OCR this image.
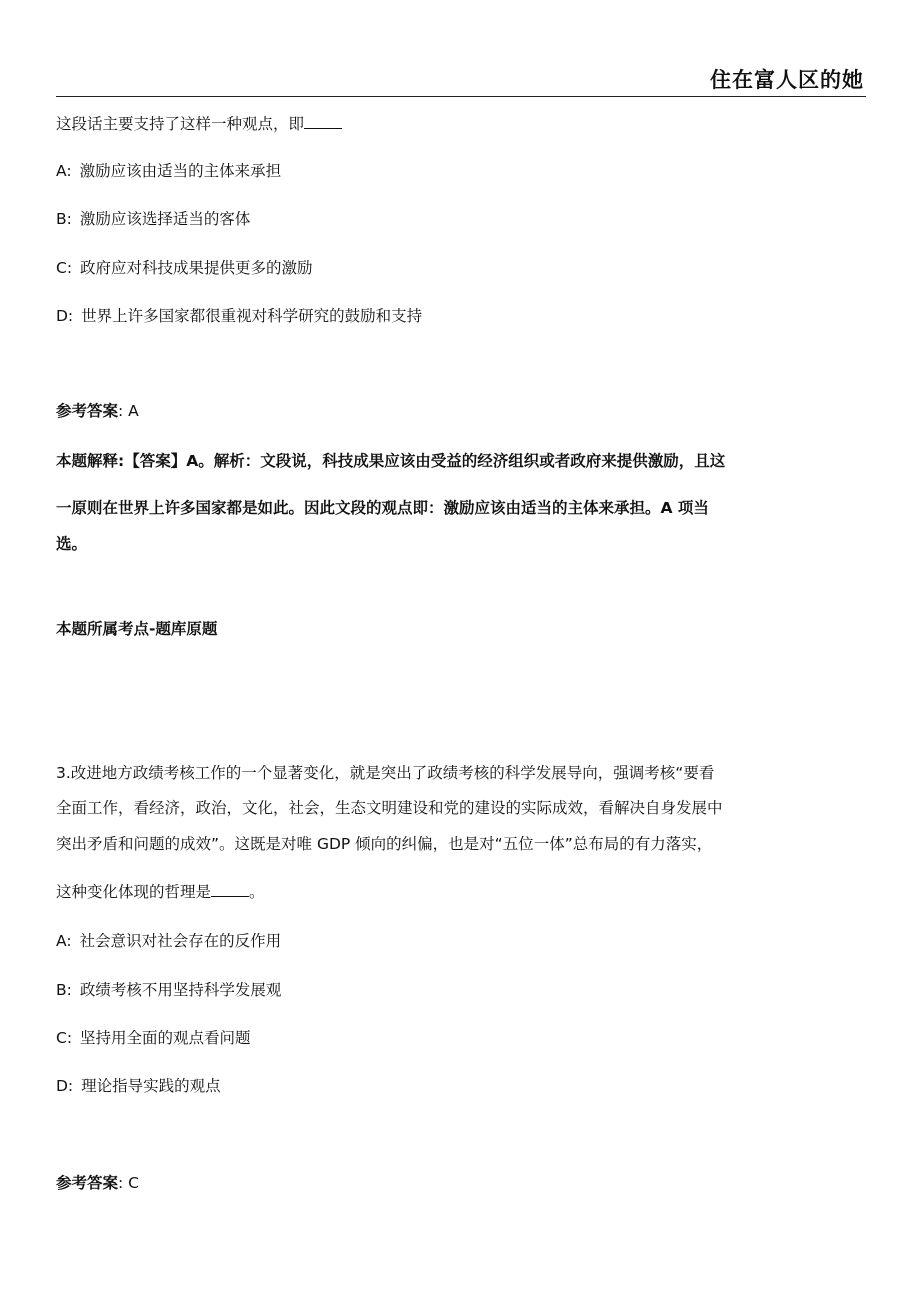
住在富人区的她
这段话主要支持了这样一种观点，即
A: 激励应该由适当的主体来承担
B: 激励应该选择适当的客体
C: 政府应对科技成果提供更多的激励
D: 世界上许多国家都很重视对科学研究的鼓励和支持
参考答案: A
本题解释:【答案】A。解析：文段说，科技成果应该由受益的经济组织或者政府来提供激励，且这
一原则在世界上许多国家都是如此。因此文段的观点即：激励应该由适当的主体来承担。A 项当
选。
本题所属考点-题库原题
3.改进地方政绩考核工作的一个显著变化，就是突出了政绩考核的科学发展导向，强调考核“要看
全面工作，看经济，政治，文化，社会，生态文明建设和党的建设的实际成效，看解决自身发展中
突出矛盾和问题的成效”。这既是对唯 GDP 倾向的纠偏，也是对“五位一体”总布局的有力落实，
这种变化体现的哲理是 。
A: 社会意识对社会存在的反作用
B: 政绩考核不用坚持科学发展观
C: 坚持用全面的观点看问题
D: 理论指导实践的观点
参考答案: C
